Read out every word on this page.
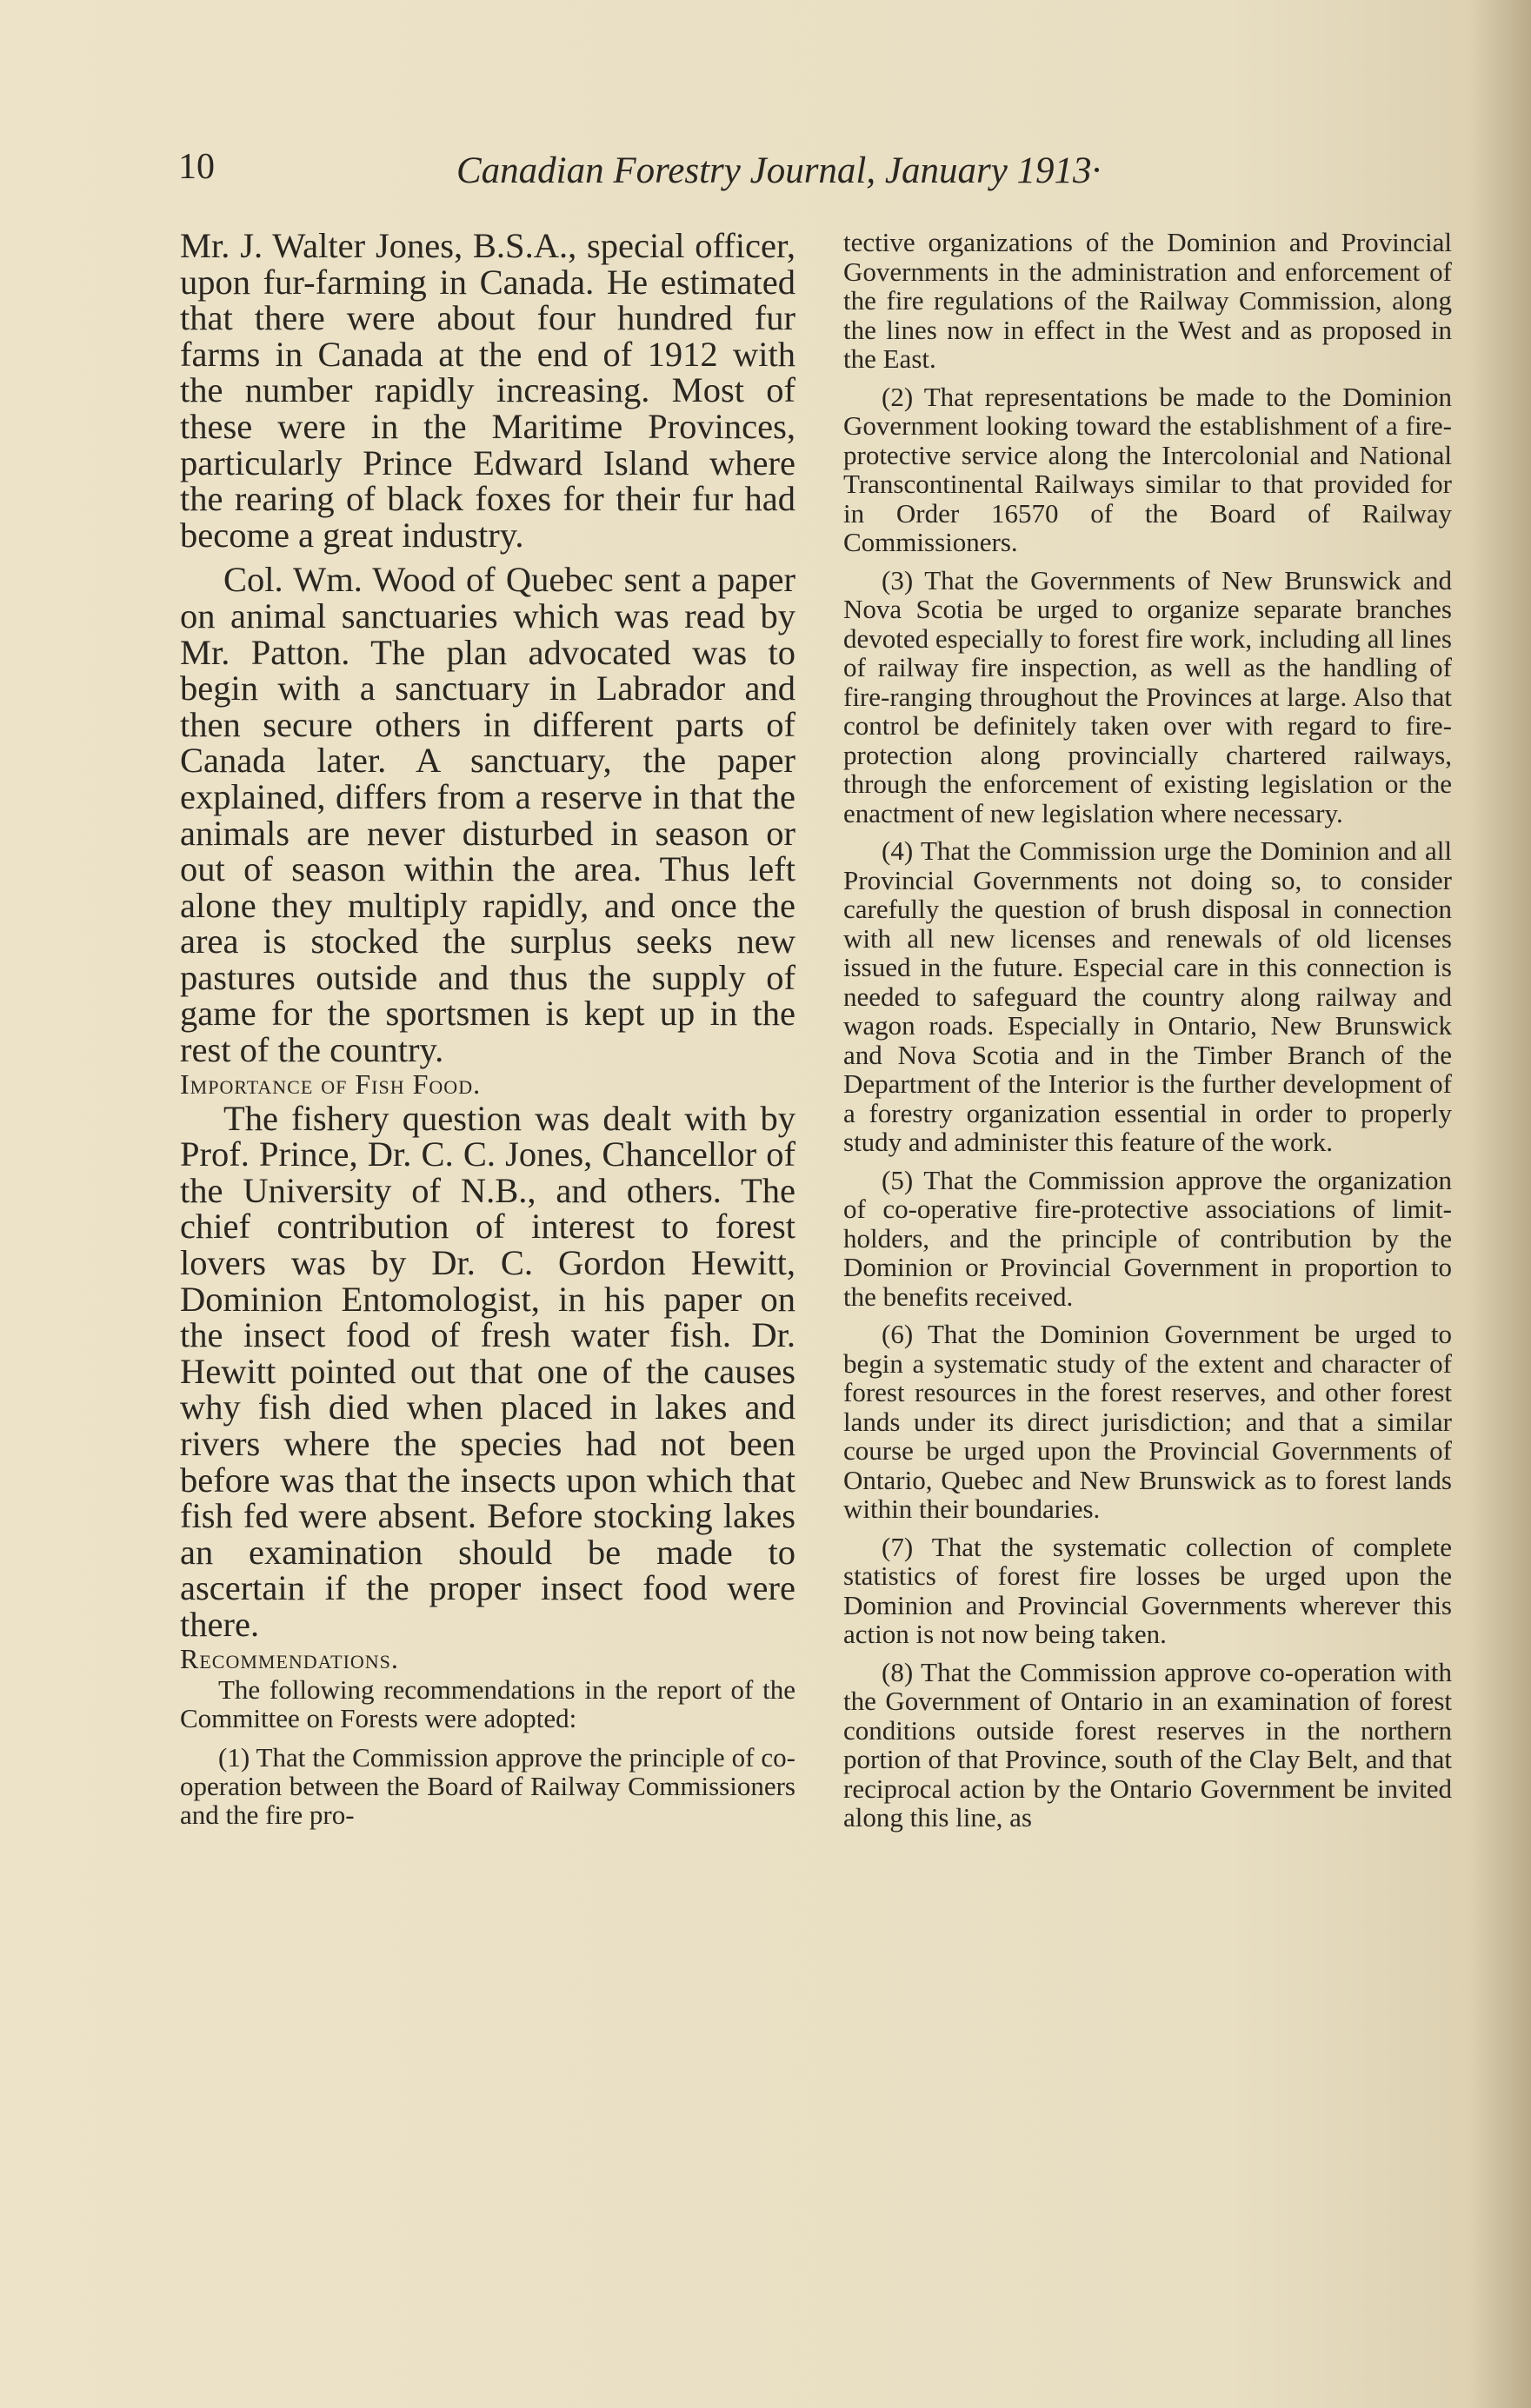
10	Canadian Forestry Journal, January 1913·

Mr. J. Walter Jones, B.S.A., special officer, upon fur-farming in Canada. He estimated that there were about four hundred fur farms in Canada at the end of 1912 with the number rapidly increasing. Most of these were in the Maritime Provinces, particularly Prince Edward Island where the rearing of black foxes for their fur had become a great industry.

Col. Wm. Wood of Quebec sent a paper on animal sanctuaries which was read by Mr. Patton. The plan advocated was to begin with a sanctuary in Labrador and then secure others in different parts of Canada later. A sanctuary, the paper explained, differs from a reserve in that the animals are never disturbed in season or out of season within the area. Thus left alone they multiply rapidly, and once the area is stocked the surplus seeks new pastures outside and thus the supply of game for the sportsmen is kept up in the rest of the country.

Importance of Fish Food.

The fishery question was dealt with by Prof. Prince, Dr. C. C. Jones, Chancellor of the University of N.B., and others. The chief contribution of interest to forest lovers was by Dr. C. Gordon Hewitt, Dominion Entomologist, in his paper on the insect food of fresh water fish. Dr. Hewitt pointed out that one of the causes why fish died when placed in lakes and rivers where the species had not been before was that the insects upon which that fish fed were absent. Before stocking lakes an examination should be made to ascertain if the proper insect food were there.

Recommendations.

The following recommendations in the report of the Committee on Forests were adopted:

(1) That the Commission approve the principle of co-operation between the Board of Railway Commissioners and the fire pro-

tective organizations of the Dominion and Provincial Governments in the administration and enforcement of the fire regulations of the Railway Commission, along the lines now in effect in the West and as proposed in the East.

(2) That representations be made to the Dominion Government looking toward the establishment of a fire-protective service along the Intercolonial and National Transcontinental Railways similar to that provided for in Order 16570 of the Board of Railway Commissioners.

(3) That the Governments of New Brunswick and Nova Scotia be urged to organize separate branches devoted especially to forest fire work, including all lines of railway fire inspection, as well as the handling of fire-ranging throughout the Provinces at large. Also that control be definitely taken over with regard to fire-protection along provincially chartered railways, through the enforcement of existing legislation or the enactment of new legislation where necessary.

(4) That the Commission urge the Dominion and all Provincial Governments not doing so, to consider carefully the question of brush disposal in connection with all new licenses and renewals of old licenses issued in the future. Especial care in this connection is needed to safeguard the country along railway and wagon roads. Especially in Ontario, New Brunswick and Nova Scotia and in the Timber Branch of the Department of the Interior is the further development of a forestry organization essential in order to properly study and administer this feature of the work.

(5) That the Commission approve the organization of co-operative fire-protective associations of limit-holders, and the principle of contribution by the Dominion or Provincial Government in proportion to the benefits received.

(6) That the Dominion Government be urged to begin a systematic study of the extent and character of forest resources in the forest reserves, and other forest lands under its direct jurisdiction; and that a similar course be urged upon the Provincial Governments of Ontario, Quebec and New Brunswick as to forest lands within their boundaries.

(7) That the systematic collection of complete statistics of forest fire losses be urged upon the Dominion and Provincial Governments wherever this action is not now being taken.

(8) That the Commission approve co-operation with the Government of Ontario in an examination of forest conditions outside forest reserves in the northern portion of that Province, south of the Clay Belt, and that reciprocal action by the Ontario Government be invited along this line, as
